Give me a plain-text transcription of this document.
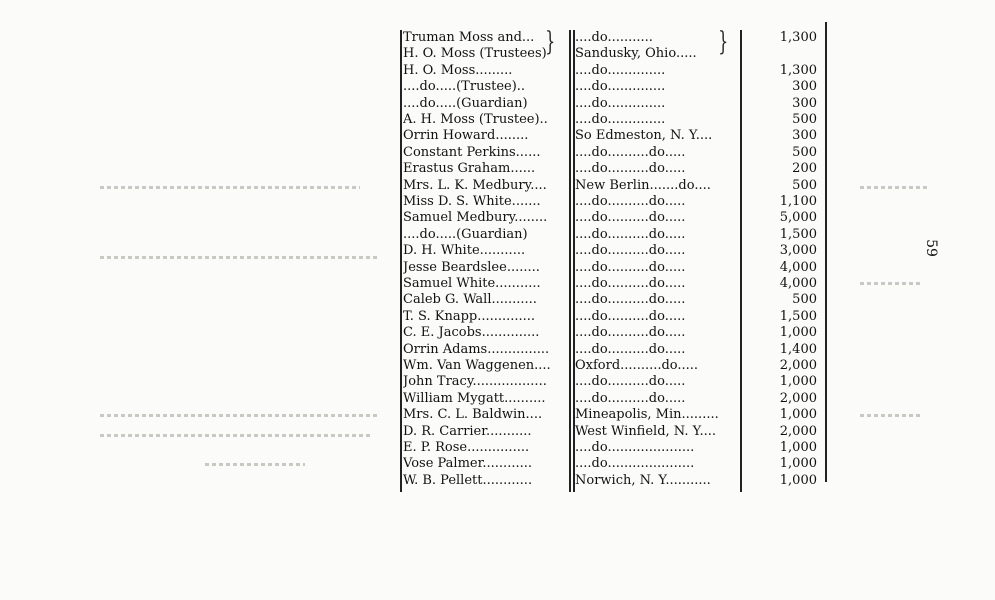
59
}	}
Truman Moss and...	....do...........	1,300
H. O. Moss (Trustees)	Sandusky, Ohio.....
H. O. Moss.........	....do..............	1,300
....do.....(Trustee)..	....do..............	300
....do.....(Guardian)	....do..............	300
A. H. Moss (Trustee)..	....do..............	500
Orrin Howard........	So Edmeston, N. Y....	300
Constant Perkins......	....do..........do.....	500
Erastus Graham......	....do..........do.....	200
Mrs. L. K. Medbury....	New Berlin.......do....	500
Miss D. S. White.......	....do..........do.....	1,100
Samuel Medbury........	....do..........do.....	5,000
....do.....(Guardian)	....do..........do.....	1,500
D. H. White...........	....do..........do.....	3,000
Jesse Beardslee........	....do..........do.....	4,000
Samuel White...........	....do..........do.....	4,000
Caleb G. Wall...........	....do..........do.....	500
T. S. Knapp..............	....do..........do.....	1,500
C. E. Jacobs..............	....do..........do.....	1,000
Orrin Adams...............	....do..........do.....	1,400
Wm. Van Waggenen....	Oxford..........do.....	2,000
John Tracy..................	....do..........do.....	1,000
William Mygatt..........	....do..........do.....	2,000
Mrs. C. L. Baldwin....	Mineapolis, Min.........	1,000
D. R. Carrier...........	West Winfield, N. Y....	2,000
E. P. Rose...............	....do.....................	1,000
Vose Palmer............	....do.....................	1,000
W. B. Pellett............	Norwich, N. Y...........	1,000
